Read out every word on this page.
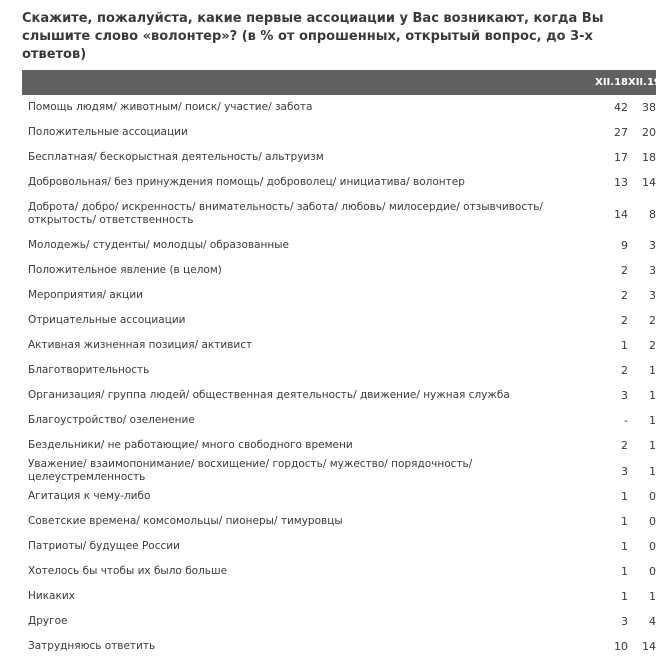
Скажите, пожалуйста, какие первые ассоциации у Вас возникают, когда Вы слышите слово «волонтер»? (в % от опрошенных, открытый вопрос, до 3-х ответов)
	XII.18	XII.19
Помощь людям/ животным/ поиск/ участие/ забота	42	38
Положительные ассоциации	27	20
Бесплатная/ бескорыстная деятельность/ альтруизм	17	18
Добровольная/ без принуждения помощь/ доброволец/ инициатива/ волонтер	13	14
Доброта/ добро/ искренность/ внимательность/ забота/ любовь/ милосердие/ отзывчивость/ открытость/ ответственность	14	8
Молодежь/ студенты/ молодцы/ образованные	9	3
Положительное явление (в целом)	2	3
Мероприятия/ акции	2	3
Отрицательные ассоциации	2	2
Активная жизненная позиция/ активист	1	2
Благотворительность	2	1
Организация/ группа людей/ общественная деятельность/ движение/ нужная служба	3	1
Благоустройство/ озеленение	-	1
Бездельники/ не работающие/ много свободного времени	2	1
Уважение/ взаимопонимание/ восхищение/ гордость/ мужество/ порядочность/ целеустремленность	3	1
Агитация к чему-либо	1	0
Советские времена/ комсомольцы/ пионеры/ тимуровцы	1	0
Патриоты/ будущее России	1	0
Хотелось бы чтобы их было больше	1	0
Никаких	1	1
Другое	3	4
Затрудняюсь ответить	10	14
